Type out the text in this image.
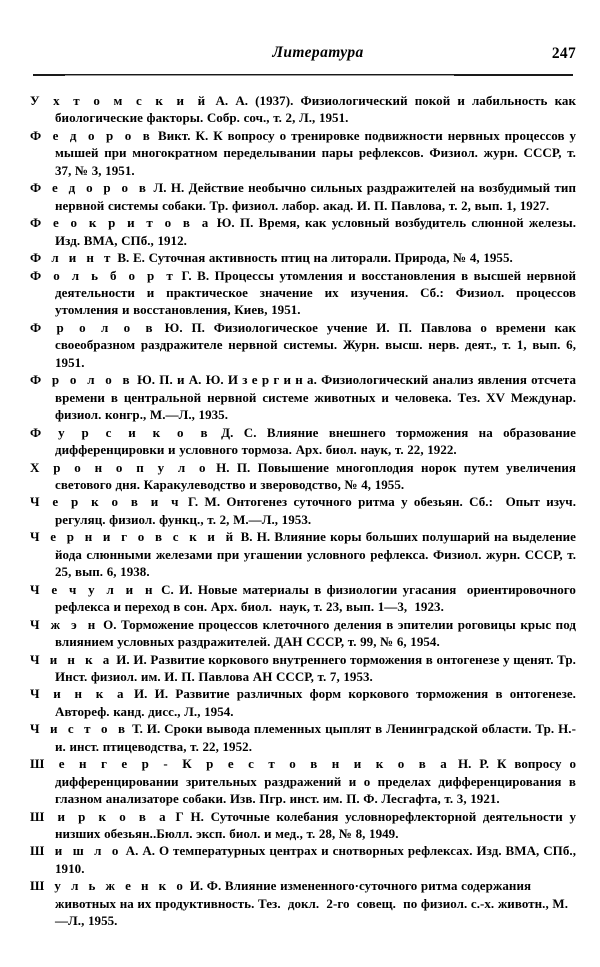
Литература	247

У х т о м с к и й А. А. (1937). Физиологический покой и лабильность как биологические факторы. Собр. соч., т. 2, Л., 1951.

Ф е д о р о в Викт. К. К вопросу о тренировке подвижности нервных процессов у мышей при многократном переделывании пары рефлексов. Физиол. журн. СССР, т. 37, № 3, 1951.

Ф е д о р о в Л. Н. Действие необычно сильных раздражителей на возбудимый тип нервной системы собаки. Тр. физиол. лабор. акад. И. П. Павлова, т. 2, вып. 1, 1927.

Ф е о к р и т о в а Ю. П. Время, как условный возбудитель слюнной железы. Изд. ВМА, СПб., 1912.

Ф л и н т В. Е. Суточная активность птиц на литорали. Природа, № 4, 1955.

Ф о л ь б о р т Г. В. Процессы утомления и восстановления в высшей нервной деятельности и практическое значение их изучения. Сб.: Физиол. процессов утомления и восстановления, Киев, 1951.

Ф р о л о в Ю. П. Физиологическое учение И. П. Павлова о времени как своеобразном раздражителе нервной системы. Журн. высш. нерв. деят., т. 1, вып. 6, 1951.

Ф р о л о в Ю. П. и А. Ю. И з е р г и н а. Физиологический анализ явления отсчета времени в центральной нервной системе животных и человека. Тез. XV Междунар. физиол. конгр., М.—Л., 1935.

Ф у р с и к о в Д. С. Влияние внешнего торможения на образование дифференцировки и условного тормоза. Арх. биол. наук, т. 22, 1922.

Х р о н о п у л о Н. П. Повышение многоплодия норок путем увеличения светового дня. Каракулеводство и звероводство, № 4, 1955.

Ч е р к о в и ч Г. М. Онтогенез суточного ритма у обезьян. Сб.:  Опыт изуч. регуляц. физиол. функц., т. 2, М.—Л., 1953.

Ч е р н и г о в с к и й В. Н. Влияние коры больших полушарий на выделение йода слюнными железами при угашении условного рефлекса. Физиол. журн. СССР, т. 25, вып. 6, 1938.

Ч е ч у л и н С. И. Новые материалы в физиологии угасания  ориентировочного рефлекса и переход в сон. Арх. биол.  наук, т. 23, вып. 1—3,  1923.

Ч ж э н О. Торможение процессов клеточного деления в эпителии роговицы крыс под влиянием условных раздражителей. ДАН СССР, т. 99, № 6, 1954.

Ч и н к а И. И. Развитие коркового внутреннего торможения в онтогенезе у щенят. Тр. Инст. физиол. им. И. П. Павлова АН СССР, т. 7, 1953.

Ч и н к а И. И. Развитие различных форм коркового торможения в онтогенезе. Автореф. канд. дисс., Л., 1954.

Ч и с т о в Т. И. Сроки вывода племенных цыплят в Ленинградской области. Тр. Н.-и. инст. птицеводства, т. 22, 1952.

Ш е н г е р - К р е с т о в н и к о в а Н. Р. К вопросу о дифференцировании зрительных раздражений и о пределах дифференцирования в глазном анализаторе собаки. Изв. Пгр. инст. им. П. Ф. Лесгафта, т. 3, 1921.

Ш и р к о в а Г Н. Суточные колебания условнорефлекторной деятельности у низших обезьян..Бюлл. эксп. биол. и мед., т. 28, № 8, 1949.

Ш и ш л о А. А. О температурных центрах и снотворных рефлексах. Изд. ВМА, СПб., 1910.

Ш у л ь ж е н к о И. Ф. Влияние измененного·суточного ритма содержания животных на их продуктивность. Тез.  докл.  2-го  совещ.  по физиол. с.-х. животн., М.—Л., 1955.
